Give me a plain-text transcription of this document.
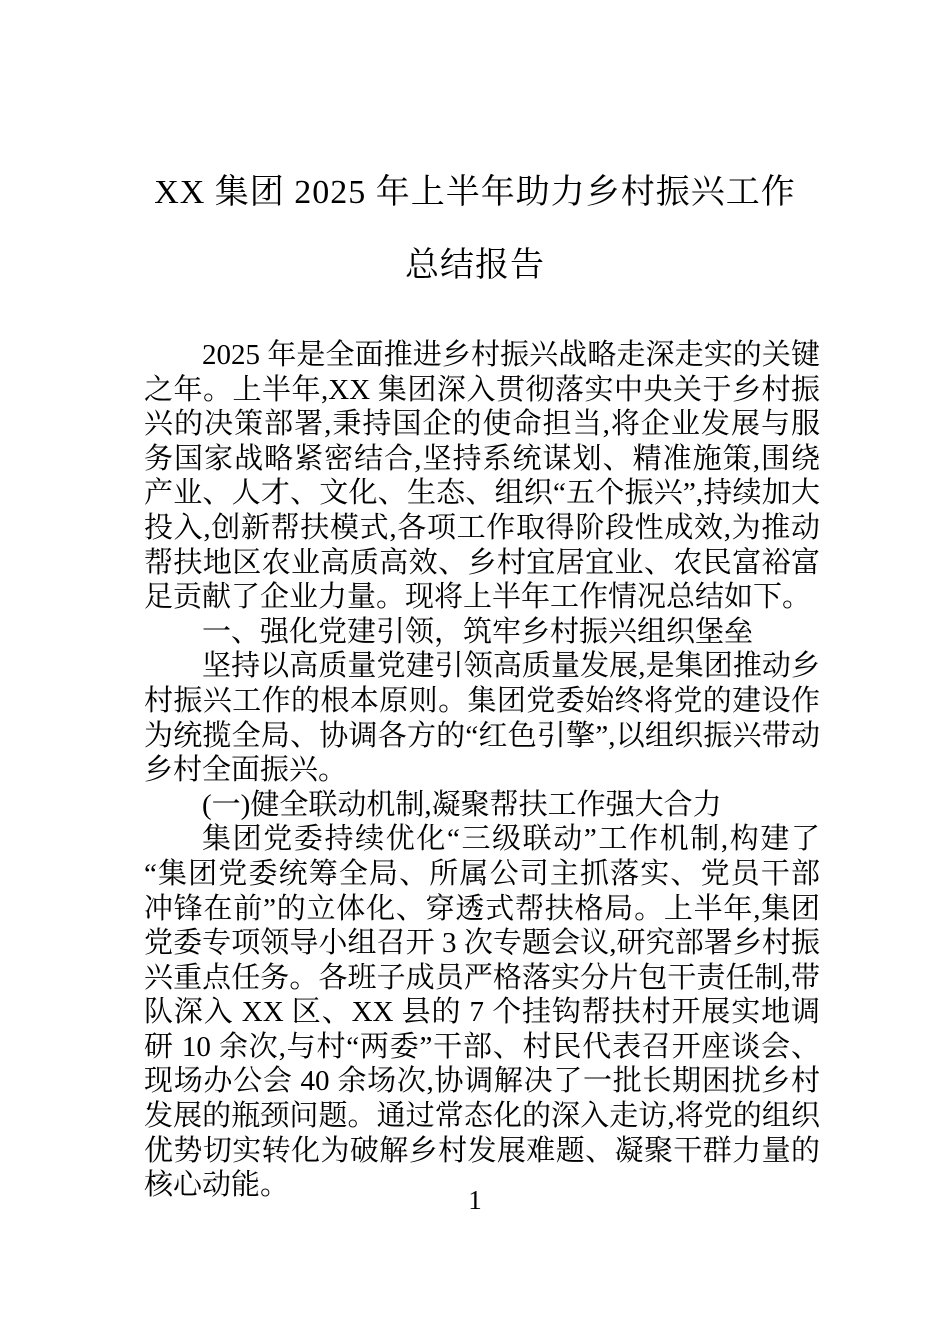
XX 集团 2025 年上半年助力乡村振兴工作
总结报告

2025 年是全面推进乡村振兴战略走深走实的关键之年。上半年,XX 集团深入贯彻落实中央关于乡村振兴的决策部署,秉持国企的使命担当,将企业发展与服务国家战略紧密结合,坚持系统谋划、精准施策,围绕产业、人才、文化、生态、组织“五个振兴”,持续加大投入,创新帮扶模式,各项工作取得阶段性成效,为推动帮扶地区农业高质高效、乡村宜居宜业、农民富裕富足贡献了企业力量。现将上半年工作情况总结如下。

一、强化党建引领，筑牢乡村振兴组织堡垒

坚持以高质量党建引领高质量发展,是集团推动乡村振兴工作的根本原则。集团党委始终将党的建设作为统揽全局、协调各方的“红色引擎”,以组织振兴带动乡村全面振兴。

(一)健全联动机制,凝聚帮扶工作强大合力

集团党委持续优化“三级联动”工作机制,构建了“集团党委统筹全局、所属公司主抓落实、党员干部冲锋在前”的立体化、穿透式帮扶格局。上半年,集团党委专项领导小组召开 3 次专题会议,研究部署乡村振兴重点任务。各班子成员严格落实分片包干责任制,带队深入 XX 区、XX 县的 7 个挂钩帮扶村开展实地调研 10 余次,与村“两委”干部、村民代表召开座谈会、现场办公会 40 余场次,协调解决了一批长期困扰乡村发展的瓶颈问题。通过常态化的深入走访,将党的组织优势切实转化为破解乡村发展难题、凝聚干群力量的核心动能。	1
